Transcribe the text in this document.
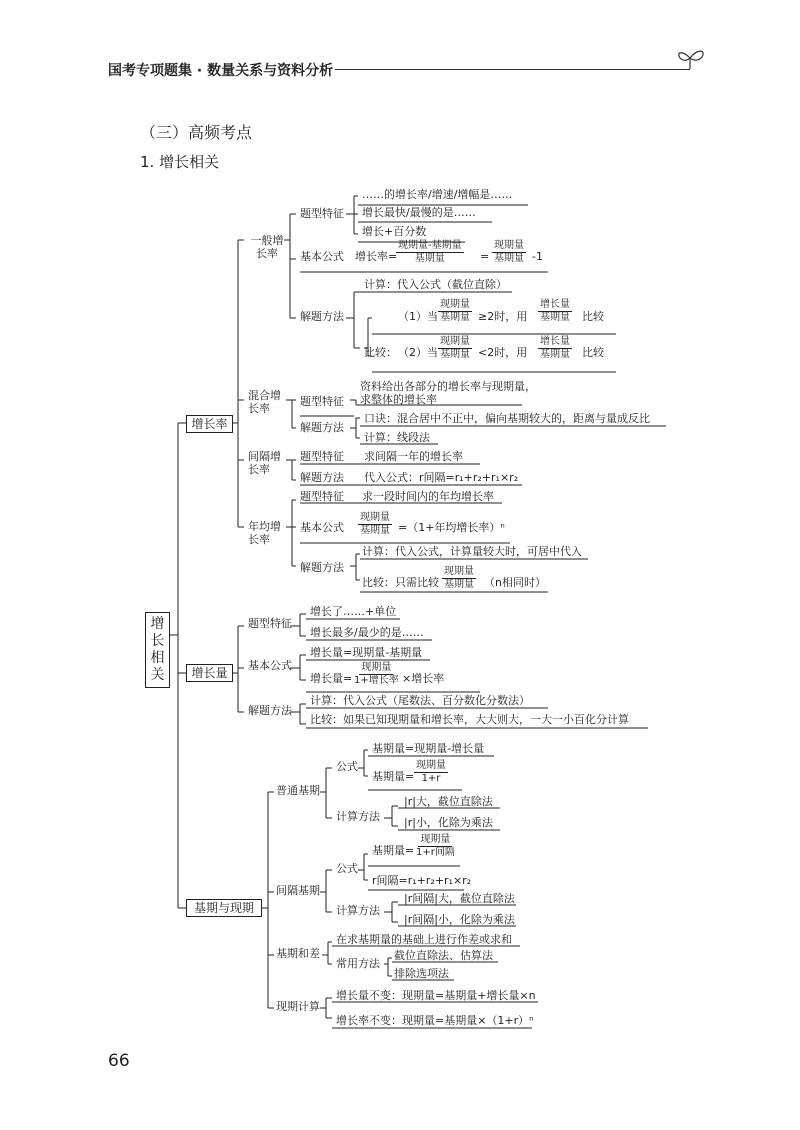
国考专项题集 · 数量关系与资料分析
（三）高频考点
1. 增长相关
增长相关
增长率
增长量
基期与现期
一般增长率
题型特征
……的增长率/增速/增幅是……
增长最快/最慢的是……
增长+百分数
基本公式 增长率=
现期量-基期量
基期量	=
现期量
基期量 -1
解题方法
计算：代入公式（截位直除）
比较：
（1）当
现期量
基期量 ≥2时，用
增长量
基期量 比较
（2）当
现期量
基期量 <2时，用
增长量
基期量 比较
混合增长率
题型特征
资料给出各部分的增长率与现期量，
求整体的增长率
解题方法
口诀：混合居中不正中，偏向基期较大的，距离与量成反比
计算：线段法
间隔增长率
题型特征 求间隔一年的增长率
解题方法 代入公式：r间隔=r₁+r₂+r₁×r₂
年均增长率
题型特征 求一段时间内的年均增长率
基本公式
现期量
基期量 =（1+年均增长率）ⁿ
解题方法
计算：代入公式，计算量较大时，可居中代入
比较：只需比较
现期量
基期量 （n相同时）
题型特征
增长了……+单位
增长最多/最少的是……
基本公式
增长量=现期量-基期量
增长量=
现期量
1+增长率 ×增长率
解题方法
计算：代入公式（尾数法、百分数化分数法）
比较：如果已知现期量和增长率，大大则大，一大一小百化分计算
普通基期
公式
基期量=现期量-增长量
基期量=
现期量
1+r
计算方法
|r|大，截位直除法
|r|小，化除为乘法
间隔基期
公式
基期量=
现期量
1+r间隔
r间隔=r₁+r₂+r₁×r₂
计算方法
|r间隔|大，截位直除法
|r间隔|小，化除为乘法
基期和差
在求基期量的基础上进行作差或求和
常用方法
截位直除法、估算法
排除选项法
现期计算
增长量不变：现期量=基期量+增长量×n
增长率不变：现期量=基期量×（1+r）ⁿ
66
